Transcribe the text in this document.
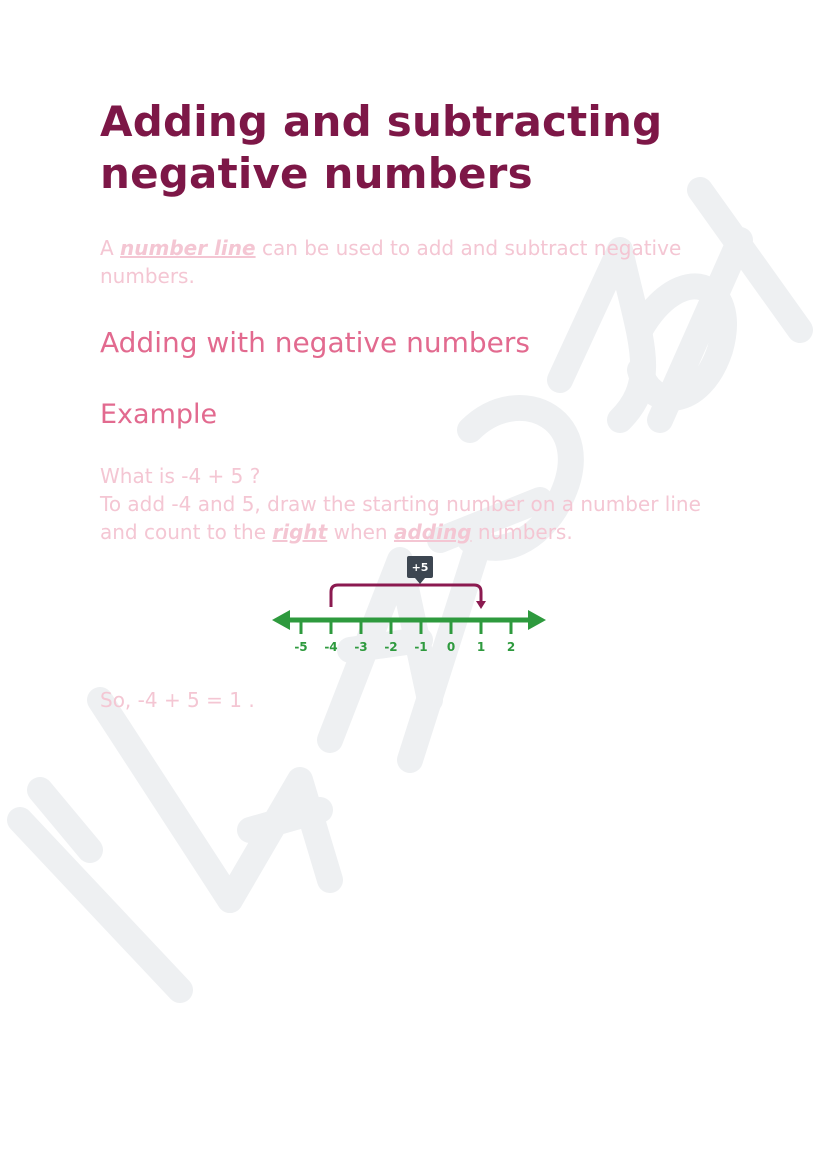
Adding and subtracting negative numbers

A number line can be used to add and subtract negative numbers.

Adding with negative numbers
Example

What is -4 + 5 ?
To add -4 and 5, draw the starting number on a number line and count to the right when adding numbers.

-5 -4 -3 -2 -1 0 1 2
+5
So, -4 + 5 = 1 .
